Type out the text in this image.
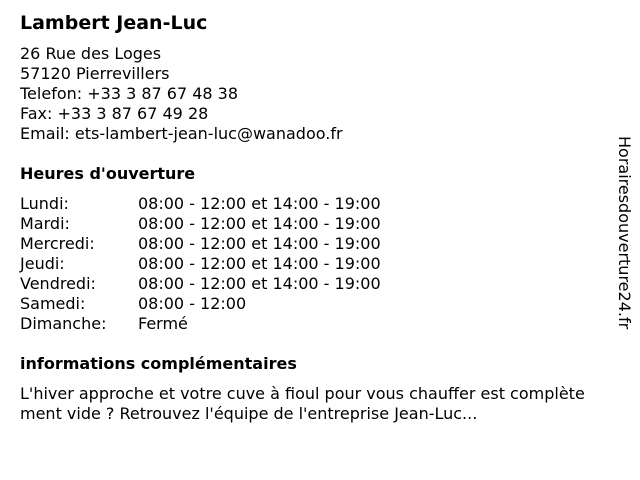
Lambert Jean-Luc
26 Rue des Loges
57120 Pierrevillers
Telefon: +33 3 87 67 48 38
Fax: +33 3 87 67 49 28
Email: ets-lambert-jean-luc@wanadoo.fr
Heures d'ouverture
Lundi:	08:00 - 12:00 et 14:00 - 19:00
Mardi:	08:00 - 12:00 et 14:00 - 19:00
Mercredi:	08:00 - 12:00 et 14:00 - 19:00
Jeudi:	08:00 - 12:00 et 14:00 - 19:00
Vendredi:	08:00 - 12:00 et 14:00 - 19:00
Samedi:	08:00 - 12:00
Dimanche:	Fermé
informations complémentaires
L'hiver approche et votre cuve à fioul pour vous chauffer est complètement vide ? Retrouvez l'équipe de l'entreprise Jean-Luc...
Horairesdouverture24.fr
